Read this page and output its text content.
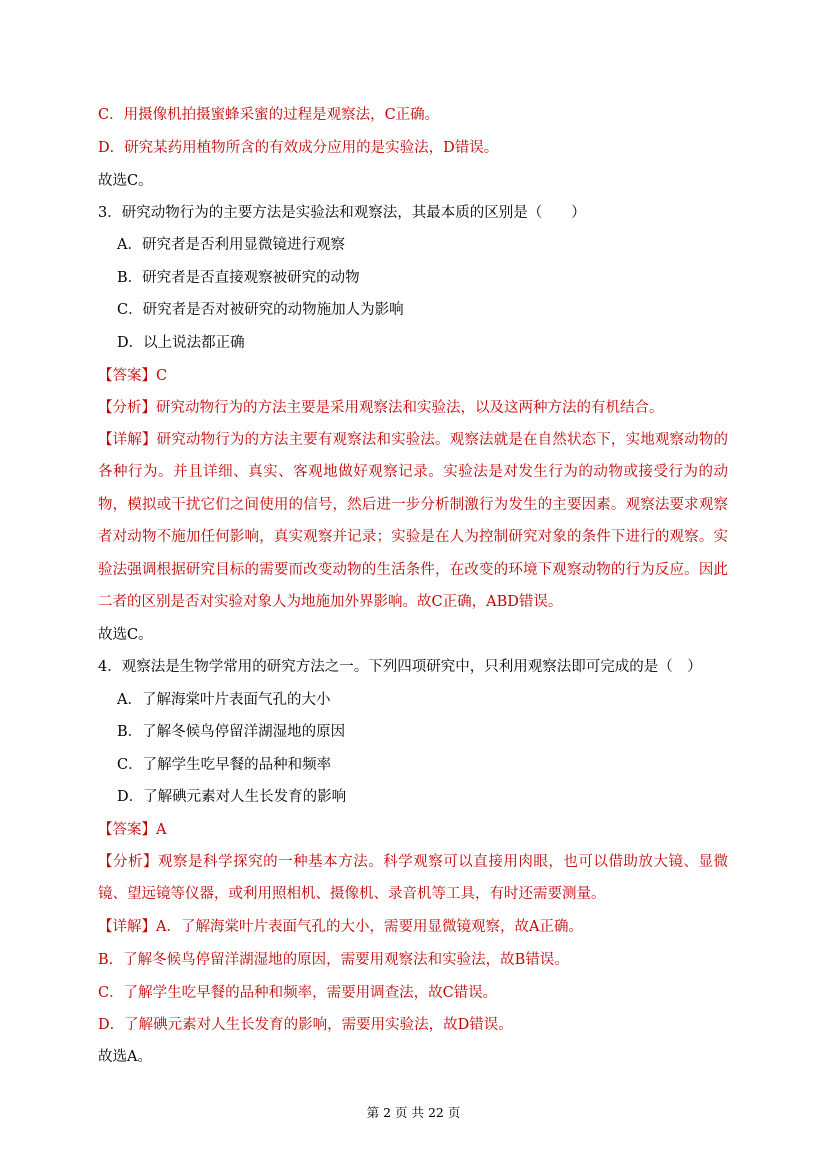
C．用摄像机拍摄蜜蜂采蜜的过程是观察法，C正确。
D．研究某药用植物所含的有效成分应用的是实验法，D错误。
故选C。
3．研究动物行为的主要方法是实验法和观察法，其最本质的区别是（　　）
A．研究者是否利用显微镜进行观察
B．研究者是否直接观察被研究的动物
C．研究者是否对被研究的动物施加人为影响
D．以上说法都正确
【答案】C
【分析】研究动物行为的方法主要是采用观察法和实验法，以及这两种方法的有机结合。
【详解】研究动物行为的方法主要有观察法和实验法。观察法就是在自然状态下，实地观察动物的各种行为。并且详细、真实、客观地做好观察记录。实验法是对发生行为的动物或接受行为的动物，模拟或干扰它们之间使用的信号，然后进一步分析制激行为发生的主要因素。观察法要求观察者对动物不施加任何影响，真实观察并记录；实验是在人为控制研究对象的条件下进行的观察。实验法强调根据研究目标的需要而改变动物的生活条件，在改变的环境下观察动物的行为反应。因此二者的区别是否对实验对象人为地施加外界影响。故C正确，ABD错误。
故选C。
4．观察法是生物学常用的研究方法之一。下列四项研究中，只利用观察法即可完成的是（　）
A．了解海棠叶片表面气孔的大小
B．了解冬候鸟停留洋湖湿地的原因
C．了解学生吃早餐的品种和频率
D．了解碘元素对人生长发育的影响
【答案】A
【分析】观察是科学探究的一种基本方法。科学观察可以直接用肉眼，也可以借助放大镜、显微镜、望远镜等仪器，或利用照相机、摄像机、录音机等工具，有时还需要测量。
【详解】A．了解海棠叶片表面气孔的大小，需要用显微镜观察，故A正确。
B．了解冬候鸟停留洋湖湿地的原因，需要用观察法和实验法，故B错误。
C．了解学生吃早餐的品种和频率，需要用调查法，故C错误。
D．了解碘元素对人生长发育的影响，需要用实验法，故D错误。
故选A。
第 2 页 共 22 页
